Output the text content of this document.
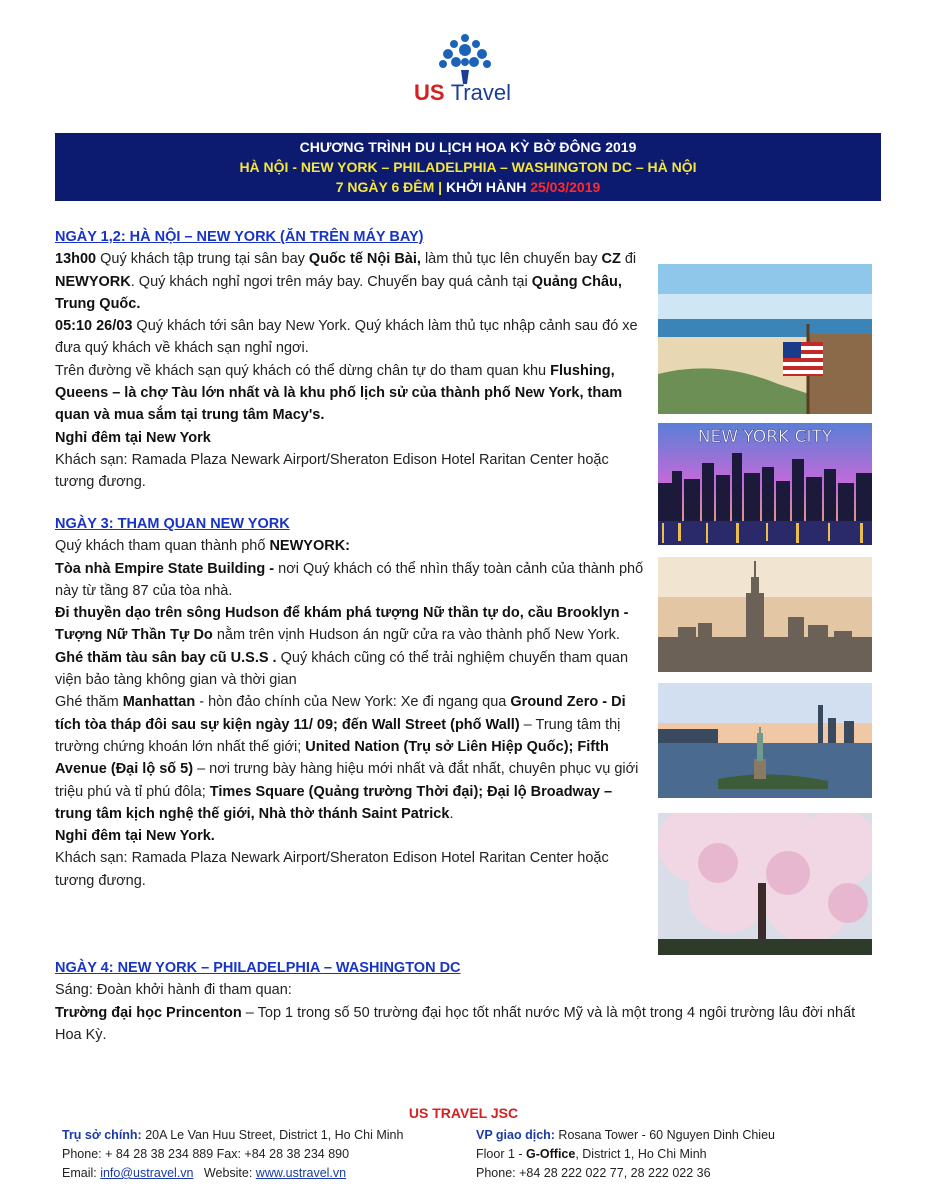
US Travel
CHƯƠNG TRÌNH DU LỊCH HOA KỲ BỜ ĐÔNG 2019
HÀ NỘI - NEW YORK – PHILADELPHIA – WASHINGTON DC – HÀ NỘI
7 NGÀY 6 ĐÊM | KHỞI HÀNH 25/03/2019

NGÀY 1,2: HÀ NỘI – NEW YORK (ĂN TRÊN MÁY BAY)

13h00 Quý khách tập trung tại sân bay Quốc tế Nội Bài, làm thủ tục lên chuyến bay CZ đi NEWYORK. Quý khách nghỉ ngơi trên máy bay. Chuyến bay quá cảnh tại Quảng Châu, Trung Quốc.

05:10 26/03 Quý khách tới sân bay New York. Quý khách làm thủ tục nhập cảnh sau đó xe đưa quý khách về khách sạn nghỉ ngơi.

Trên đường về khách sạn quý khách có thể dừng chân tự do tham quan khu Flushing, Queens – là chợ Tàu lớn nhất và là khu phố lịch sử của thành phố New York, tham quan và mua sắm tại trung tâm Macy's.

Nghỉ đêm tại New York

Khách sạn: Ramada Plaza Newark Airport/Sheraton Edison Hotel Raritan Center hoặc tương đương.

NGÀY 3: THAM QUAN NEW YORK

Quý khách tham quan thành phố NEWYORK:

Tòa nhà Empire State Building - nơi Quý khách có thể nhìn thấy toàn cảnh của thành phố này từ tầng 87 của tòa nhà.

Đi thuyền dạo trên sông Hudson để khám phá tượng Nữ thần tự do, cầu Brooklyn - Tượng Nữ Thần Tự Do nằm trên vịnh Hudson án ngữ cửa ra vào thành phố New York.

Ghé thăm tàu sân bay cũ U.S.S . Quý khách cũng có thể trải nghiệm chuyến tham quan viện bảo tàng không gian và thời gian

Ghé thăm Manhattan - hòn đảo chính của New York: Xe đi ngang qua Ground Zero - Di tích tòa tháp đôi sau sự kiện ngày 11/ 09; đến Wall Street (phố Wall) – Trung tâm thị trường chứng khoán lớn nhất thế giới; United Nation (Trụ sở Liên Hiệp Quốc); Fifth Avenue (Đại lộ số 5) – nơi trưng bày hàng hiệu mới nhất và đắt nhất, chuyên phục vụ giới triệu phú và tỉ phú đôla; Times Square (Quảng trường Thời đại); Đại lộ Broadway – trung tâm kịch nghệ thế giới, Nhà thờ thánh Saint Patrick.

Nghỉ đêm tại New York.

Khách sạn: Ramada Plaza Newark Airport/Sheraton Edison Hotel Raritan Center hoặc tương đương.

NGÀY 4: NEW YORK – PHILADELPHIA – WASHINGTON DC

Sáng: Đoàn khởi hành đi tham quan:

Trường đại học Princenton – Top 1 trong số 50 trường đại học tốt nhất nước Mỹ và là một trong 4 ngôi trường lâu đời nhất Hoa Kỳ.

NEW YORK CITY
US TRAVEL JSC
Trụ sở chính: 20A Le Van Huu Street, District 1, Ho Chi Minh
Phone: + 84 28 38 234 889 Fax: +84 28 38 234 890
Email: info@ustravel.vn   Website: www.ustravel.vn
VP giao dịch: Rosana Tower - 60 Nguyen Dinh Chieu
Floor 1 - G-Office, District 1, Ho Chi Minh
Phone: +84 28 222 022 77, 28 222 022 36
